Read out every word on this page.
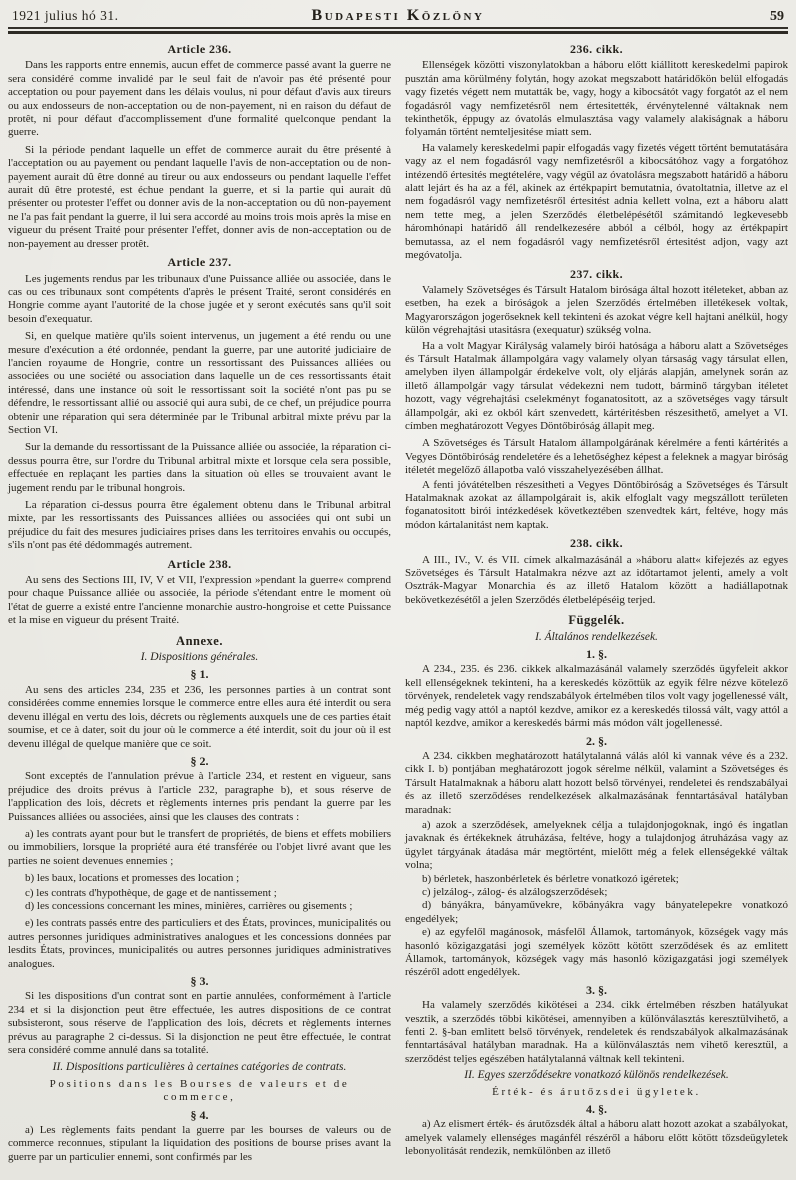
1921 julius hó 31.	Budapesti Közlöny	59
Article 236.
Dans les rapports entre ennemis, aucun effet de commerce passé avant la guerre ne sera considéré comme invalidé par le seul fait de n'avoir pas été présenté pour acceptation ou pour payement dans les délais voulus, ni pour défaut d'avis aux tireurs ou aux endosseurs de non-acceptation ou de non-payement, ni en raison du défaut de protêt, ni pour défaut d'accomplissement d'une formalité quelconque pendant la guerre.
Si la période pendant laquelle un effet de commerce aurait du être présenté à l'acceptation ou au payement ou pendant laquelle l'avis de non-acceptation ou de non-payement aurait dû être donné au tireur ou aux endosseurs ou pendant laquelle l'effet aurait dû être protesté, est échue pendant la guerre, et si la partie qui aurait dû présenter ou protester l'effet ou donner avis de la non-acceptation ou dû non-payement ne l'a pas fait pendant la guerre, il lui sera accordé au moins trois mois après la mise en vigueur du présent Traité pour présenter l'effet, donner avis de non-acceptation ou de non-payement au dresser protêt.
Article 237.
Les jugements rendus par les tribunaux d'une Puissance alliée ou associée, dans le cas ou ces tribunaux sont compétents d'après le présent Traité, seront considérés en Hongrie comme ayant l'autorité de la chose jugée et y seront exécutés sans qu'il soit besoin d'exequatur.
Si, en quelque matière qu'ils soient intervenus, un jugement a été rendu ou une mesure d'exécution a été ordonnée, pendant la guerre, par une autorité judiciaire de l'ancien royaume de Hongrie, contre un ressortissant des Puissances alliées ou associées ou une société ou association dans laquelle un de ces ressortissants était intéressé, dans une instance où soit le ressortissant soit la société n'ont pas pu se défendre, le ressortissant allié ou associé qui aura subi, de ce chef, un préjudice pourra obtenir une réparation qui sera déterminée par le Tribunal arbitral mixte prévu par la Section VI.
Sur la demande du ressortissant de la Puissance alliée ou associée, la réparation ci-dessus pourra être, sur l'ordre du Tribunal arbitral mixte et lorsque cela sera possible, effectuée en replaçant les parties dans la situation où elles se trouvaient avant le jugement rendu par le tribunal hongrois.
La réparation ci-dessus pourra être également obtenu dans le Tribunal arbitral mixte, par les ressortissants des Puissances alliées ou associées qui ont subi un préjudice du fait des mesures judiciaires prises dans les territoires envahis ou occupés, s'ils n'ont pas été dédommagés autrement.
Article 238.
Au sens des Sections III, IV, V et VII, l'expression »pendant la guerre« comprend pour chaque Puissance alliée ou associée, la période s'étendant entre le moment où l'état de guerre a existé entre l'ancienne monarchie austro-hongroise et cette Puissance et la mise en vigueur du présent Traité.
Annexe.
I. Dispositions générales.
§ 1.
Au sens des articles 234, 235 et 236, les personnes parties à un contrat sont considérées comme ennemies lorsque le commerce entre elles aura été interdit ou sera devenu illégal en vertu des lois, décrets ou règlements auxquels une de ces parties était soumise, et ce à dater, soit du jour où le commerce a été interdit, soit du jour où il est devenu illégal de quelque manière que ce soit.
§ 2.
Sont exceptés de l'annulation prévue à l'article 234, et restent en vigueur, sans préjudice des droits prévus à l'article 232, paragraphe b), et sous réserve de l'application des lois, décrets et règlements internes pris pendant la guerre par les Puissances alliées ou associées, ainsi que les clauses des contrats :
a) les contrats ayant pour but le transfert de propriétés, de biens et effets mobiliers ou immobiliers, lorsque la propriété aura été transférée ou l'objet livré avant que les parties ne soient devenues ennemies ;
b) les baux, locations et promesses des location ;
c) les contrats d'hypothèque, de gage et de nantissement ;
d) les concessions concernant les mines, minières, carrières ou gisements ;
e) les contrats passés entre des particuliers et des États, provinces, municipalités ou autres personnes juridiques administratives analogues et les concessions données par lesdits États, provinces, municipalités ou autres personnes juridiques administratives analogues.
§ 3.
Si les dispositions d'un contrat sont en partie annulées, conformément à l'article 234 et si la disjonction peut être effectuée, les autres dispositions de ce contrat subsisteront, sous réserve de l'application des lois, décrets et règlements internes prévus au paragraphe 2 ci-dessus. Si la disjonction ne peut être effectuée, le contrat sera considéré comme annulé dans sa totalité.
II. Dispositions particulières à certaines catégories de contrats.
Positions dans les Bourses de valeurs et de commerce,
§ 4.
a) Les règlements faits pendant la guerre par les bourses de valeurs ou de commerce reconnues, stipulant la liquidation des positions de bourse prises avant la guerre par un particulier ennemi, sont confirmés par les
236. cikk.
Ellenségek közötti viszonylatokban a háboru előtt kiállitott kereskedelmi papirok pusztán ama körülmény folytán, hogy azokat megszabott határidőkön belül elfogadás vagy fizetés végett nem mutatták be, vagy, hogy a kibocsátót vagy forgatót az el nem fogadásról vagy nemfizetésről nem értesitették, érvénytelenné váltaknak nem tekinthetők, éppugy az óvatolás elmulasztása vagy valamely alakiságnak a háboru folyamán történt nemteljesitése miatt sem.
Ha valamely kereskedelmi papir elfogadás vagy fizetés végett történt bemutatására vagy az el nem fogadásról vagy nemfizetésről a kibocsátóhoz vagy a forgatóhoz intézendő értesités megtételére, vagy végül az óvatolásra megszabott határidő a háboru alatt lejárt és ha az a fél, akinek az értékpapirt bemutatnia, óvatoltatnia, illetve az el nem fogadásról vagy nemfizetésről értesitést adnia kellett volna, ezt a háboru alatt nem tette meg, a jelen Szerződés életbelépésétől számitandó legkevesebb háromhónapi határidő áll rendelkezesére abból a célból, hogy az értékpapirt bemutassa, az el nem fogadásról vagy nemfizetésről értesitést adjon, vagy azt megóvatolja.
237. cikk.
Valamely Szövetséges és Társult Hatalom birósága által hozott itéleteket, abban az esetben, ha ezek a biróságok a jelen Szerződés értelmében illetékesek voltak, Magyarországon jogerőseknek kell tekinteni és azokat végre kell hajtani anélkül, hogy külön végrehajtási utasitásra (exequatur) szükség volna.
Ha a volt Magyar Királyság valamely birói hatósága a háboru alatt a Szövetséges és Társult Hatalmak állampolgára vagy valamely olyan társaság vagy társulat ellen, amelyben ilyen állampolgár érdekelve volt, oly eljárás alapján, amelynek során az illető állampolgár vagy társulat védekezni nem tudott, bárminő tárgyban itéletet hozott, vagy végrehajtási cselekményt foganatositott, az a szövetséges vagy társult állampolgár, aki ez okból kárt szenvedett, kártéritésben részesithető, amelyet a VI. címben meghatározott Vegyes Döntőbiróság állapit meg.
A Szövetséges és Társult Hatalom állampolgárának kérelmére a fenti kártérités a Vegyes Döntőbiróság rendeletére és a lehetőséghez képest a feleknek a magyar biróság itéletét megelőző állapotba való visszahelyezésében állhat.
A fenti jóvátételben részesitheti a Vegyes Döntőbiróság a Szövetséges és Társult Hatalmaknak azokat az állampolgárait is, akik elfoglalt vagy megszállott területen foganatositott birói intézkedések következtében szenvedtek kárt, feltéve, hogy más módon kártalanitást nem kaptak.
238. cikk.
A III., IV., V. és VII. címek alkalmazásánál a »háboru alatt« kifejezés az egyes Szövetséges és Társult Hatalmakra nézve azt az időtartamot jelenti, amely a volt Osztrák-Magyar Monarchia és az illető Hatalom között a hadiállapotnak bekövetkezésétől a jelen Szerződés életbelépéséig terjed.
Függelék.
I. Általános rendelkezések.
1. §.
A 234., 235. és 236. cikkek alkalmazásánál valamely szerződés ügyfeleit akkor kell ellenségeknek tekinteni, ha a kereskedés közöttük az egyik félre nézve kötelező törvények, rendeletek vagy rendszabályok értelmében tilos volt vagy jogellenessé vált, még pedig vagy attól a naptól kezdve, amikor ez a kereskedés tilossá vált, vagy attól a naptól kezdve, amikor a kereskedés bármi más módon vált jogellenessé.
2. §.
A 234. cikkben meghatározott hatálytalanná válás alól ki vannak véve és a 232. cikk I. b) pontjában meghatározott jogok sérelme nélkül, valamint a Szövetséges és Társult Hatalmaknak a háboru alatt hozott belső törvényei, rendeletei és rendszabályai és az illető szerződéses rendelkezések alkalmazásának fenntartásával hatályban maradnak:
a) azok a szerződések, amelyeknek célja a tulajdonjogoknak, ingó és ingatlan javaknak és értékeknek átruházása, feltéve, hogy a tulajdonjog átruházása vagy az ügylet tárgyának átadása már megtörtént, mielőtt még a felek ellenségekké váltak volna;
b) bérletek, haszonbérletek és bérletre vonatkozó igéretek;
c) jelzálog-, zálog- és alzálogszerződések;
d) bányákra, bányaművekre, kőbányákra vagy bányatelepekre vonatkozó engedélyek;
e) az egyfelől magánosok, másfelől Államok, tartományok, községek vagy más hasonló közigazgatási jogi személyek között kötött szerződések és az emlitett Államok, tartományok, községek vagy más hasonló közigazgatási jogi személyek részéről adott engedélyek.
3. §.
Ha valamely szerződés kikötései a 234. cikk értelmében részben hatályukat vesztik, a szerződés többi kikötései, amennyiben a különválasztás keresztülvihető, a fenti 2. §-ban emlitett belső törvények, rendeletek és rendszabályok alkalmazásának fenntartásával hatályban maradnak. Ha a különválasztás nem vihető keresztül, a szerződést teljes egészében hatálytalanná váltnak kell tekinteni.
II. Egyes szerződésekre vonatkozó különös rendelkezések.
Érték- és árutőzsdei ügyletek.
4. §.
a) Az elismert érték- és árutőzsdék által a háboru alatt hozott azokat a szabályokat, amelyek valamely ellenséges magánfél részéről a háboru előtt kötött tőzsdeügyletek lebonyolitását rendezik, nemkülönben az illető
